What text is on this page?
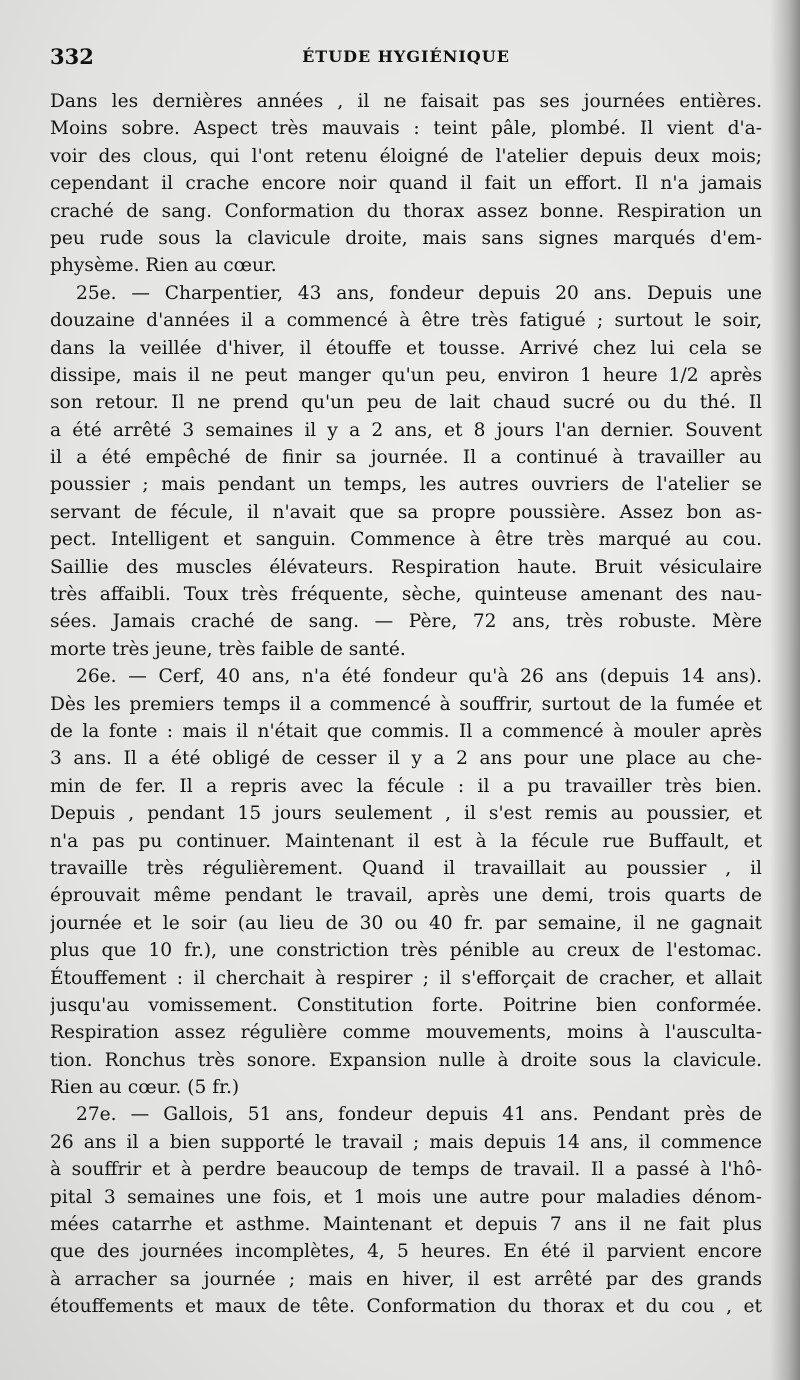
332	ÉTUDE HYGIÉNIQUE
Dans les dernières années , il ne faisait pas ses journées entières.
Moins sobre. Aspect très mauvais : teint pâle, plombé. Il vient d'a-
voir des clous, qui l'ont retenu éloigné de l'atelier depuis deux mois;
cependant il crache encore noir quand il fait un effort. Il n'a jamais
craché de sang. Conformation du thorax assez bonne. Respiration un
peu rude sous la clavicule droite, mais sans signes marqués d'em-
physème. Rien au cœur.
25e. — Charpentier, 43 ans, fondeur depuis 20 ans. Depuis une
douzaine d'années il a commencé à être très fatigué ; surtout le soir,
dans la veillée d'hiver, il étouffe et tousse. Arrivé chez lui cela se
dissipe, mais il ne peut manger qu'un peu, environ 1 heure 1/2 après
son retour. Il ne prend qu'un peu de lait chaud sucré ou du thé. Il
a été arrêté 3 semaines il y a 2 ans, et 8 jours l'an dernier. Souvent
il a été empêché de finir sa journée. Il a continué à travailler au
poussier ; mais pendant un temps, les autres ouvriers de l'atelier se
servant de fécule, il n'avait que sa propre poussière. Assez bon as-
pect. Intelligent et sanguin. Commence à être très marqué au cou.
Saillie des muscles élévateurs. Respiration haute. Bruit vésiculaire
très affaibli. Toux très fréquente, sèche, quinteuse amenant des nau-
sées. Jamais craché de sang. — Père, 72 ans, très robuste. Mère
morte très jeune, très faible de santé.
26e. — Cerf, 40 ans, n'a été fondeur qu'à 26 ans (depuis 14 ans).
Dès les premiers temps il a commencé à souffrir, surtout de la fumée et
de la fonte : mais il n'était que commis. Il a commencé à mouler après
3 ans. Il a été obligé de cesser il y a 2 ans pour une place au che-
min de fer. Il a repris avec la fécule : il a pu travailler très bien.
Depuis , pendant 15 jours seulement , il s'est remis au poussier, et
n'a pas pu continuer. Maintenant il est à la fécule rue Buffault, et
travaille très régulièrement. Quand il travaillait au poussier , il
éprouvait même pendant le travail, après une demi, trois quarts de
journée et le soir (au lieu de 30 ou 40 fr. par semaine, il ne gagnait
plus que 10 fr.), une constriction très pénible au creux de l'estomac.
Étouffement : il cherchait à respirer ; il s'efforçait de cracher, et allait
jusqu'au vomissement. Constitution forte. Poitrine bien conformée.
Respiration assez régulière comme mouvements, moins à l'ausculta-
tion. Ronchus très sonore. Expansion nulle à droite sous la clavicule.
Rien au cœur. (5 fr.)
27e. — Gallois, 51 ans, fondeur depuis 41 ans. Pendant près de
26 ans il a bien supporté le travail ; mais depuis 14 ans, il commence
à souffrir et à perdre beaucoup de temps de travail. Il a passé à l'hô-
pital 3 semaines une fois, et 1 mois une autre pour maladies dénom-
mées catarrhe et asthme. Maintenant et depuis 7 ans il ne fait plus
que des journées incomplètes, 4, 5 heures. En été il parvient encore
à arracher sa journée ; mais en hiver, il est arrêté par des grands
étouffements et maux de tête. Conformation du thorax et du cou , et
